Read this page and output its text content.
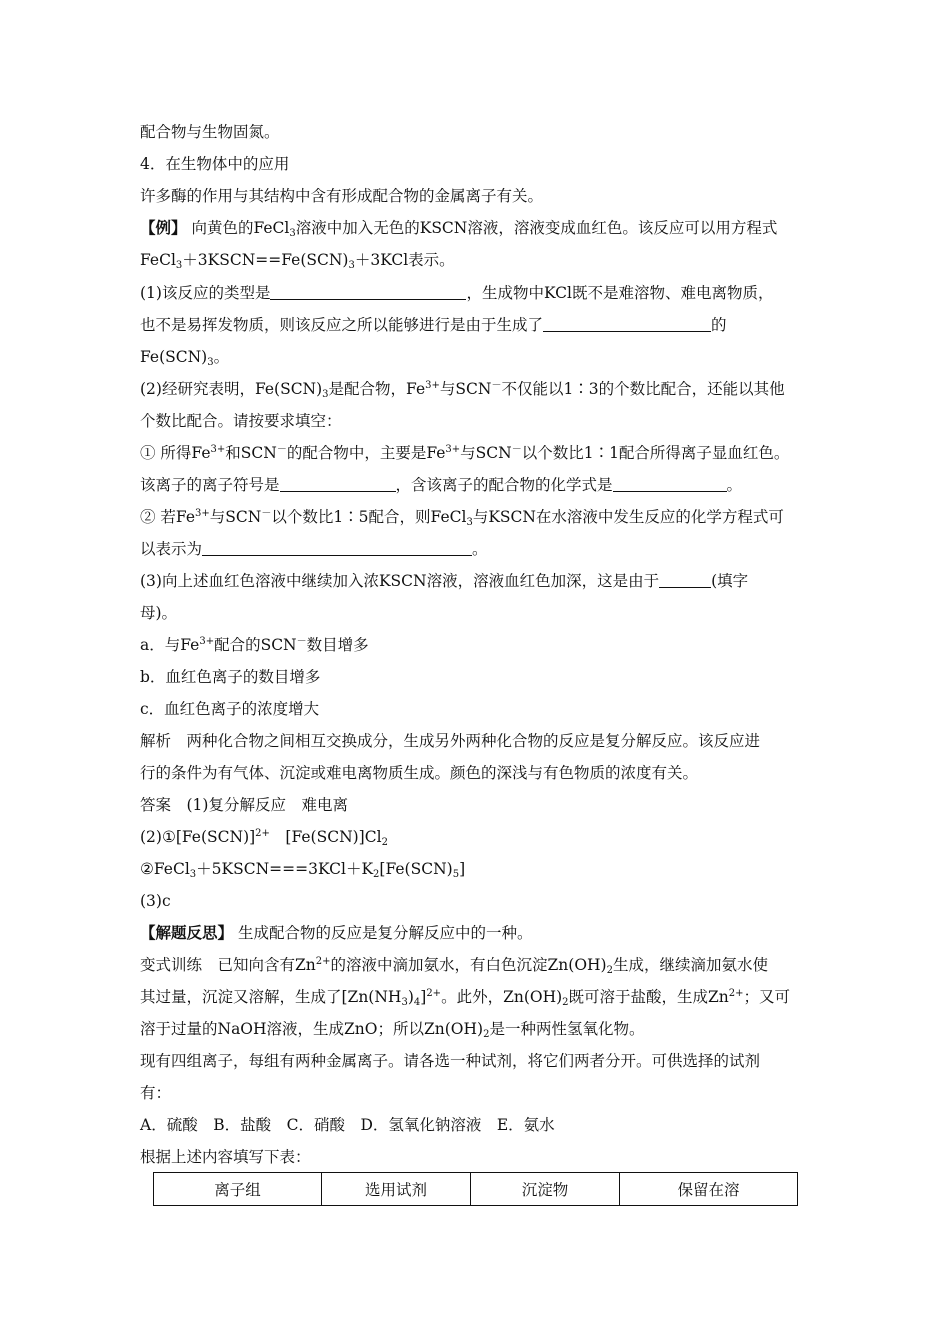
配合物与生物固氮。
4．在生物体中的应用
许多酶的作用与其结构中含有形成配合物的金属离子有关。
【例】 向黄色的FeCl$_3$溶液中加入无色的KSCN溶液，溶液变成血红色。该反应可以用方程式
$FeCl_3+3KSCN==Fe(SCN)_3+3KCl$表示。
(1)该反应的类型是	，生成物中KCl既不是难溶物、难电离物质，
也不是易挥发物质，则该反应之所以能够进行是由于生成了	的
$Fe(SCN)_3$。
(2)经研究表明，$Fe(SCN)_3$是配合物，$Fe^{3+}$与SCN－不仅能以1∶3的个数比配合，还能以其他
个数比配合。请按要求填空：
① 所得$Fe^{3+}$和SCN－的配合物中，主要是$Fe^{3+}$与SCN－以个数比1∶1配合所得离子显血红色。
该离子的离子符号是	，含该离子的配合物的化学式是	。
② 若$Fe^{3+}$与SCN－以个数比1∶5配合，则FeCl$_3$与KSCN在水溶液中发生反应的化学方程式可
以表示为	。
(3)向上述血红色溶液中继续加入浓KSCN溶液，溶液血红色加深，这是由于	(填字
母)。
a．与$Fe^{3+}$配合的SCN－数目增多
b．血红色离子的数目增多
c．血红色离子的浓度增大
解析　两种化合物之间相互交换成分，生成另外两种化合物的反应是复分解反应。该反应进
行的条件为有气体、沉淀或难电离物质生成。颜色的深浅与有色物质的浓度有关。
答案　(1)复分解反应　难电离
$(2)①[Fe(SCN)]^{2+}$　$[Fe(SCN)]Cl_2$
$②FeCl_3+5KSCN===3KCl+K_2[Fe(SCN)_5]$
(3)c
【解题反思】 生成配合物的反应是复分解反应中的一种。
变式训练　已知向含有$Zn^{2+}$的溶液中滴加氨水，有白色沉淀$Zn(OH)_2$生成，继续滴加氨水使
其过量，沉淀又溶解，生成了$[Zn(NH_3)_4]^{2+}$。此外，$Zn(OH)_2$既可溶于盐酸，生成$Zn^{2+}$；又可
溶于过量的NaOH溶液，生成ZnO；所以$Zn(OH)_2$是一种两性氢氧化物。
现有四组离子，每组有两种金属离子。请各选一种试剂，将它们两者分开。可供选择的试剂
有：
A．硫酸　B．盐酸　C．硝酸　D．氢氧化钠溶液　E．氨水
根据上述内容填写下表：
离子组	选用试剂	沉淀物	保留在溶
